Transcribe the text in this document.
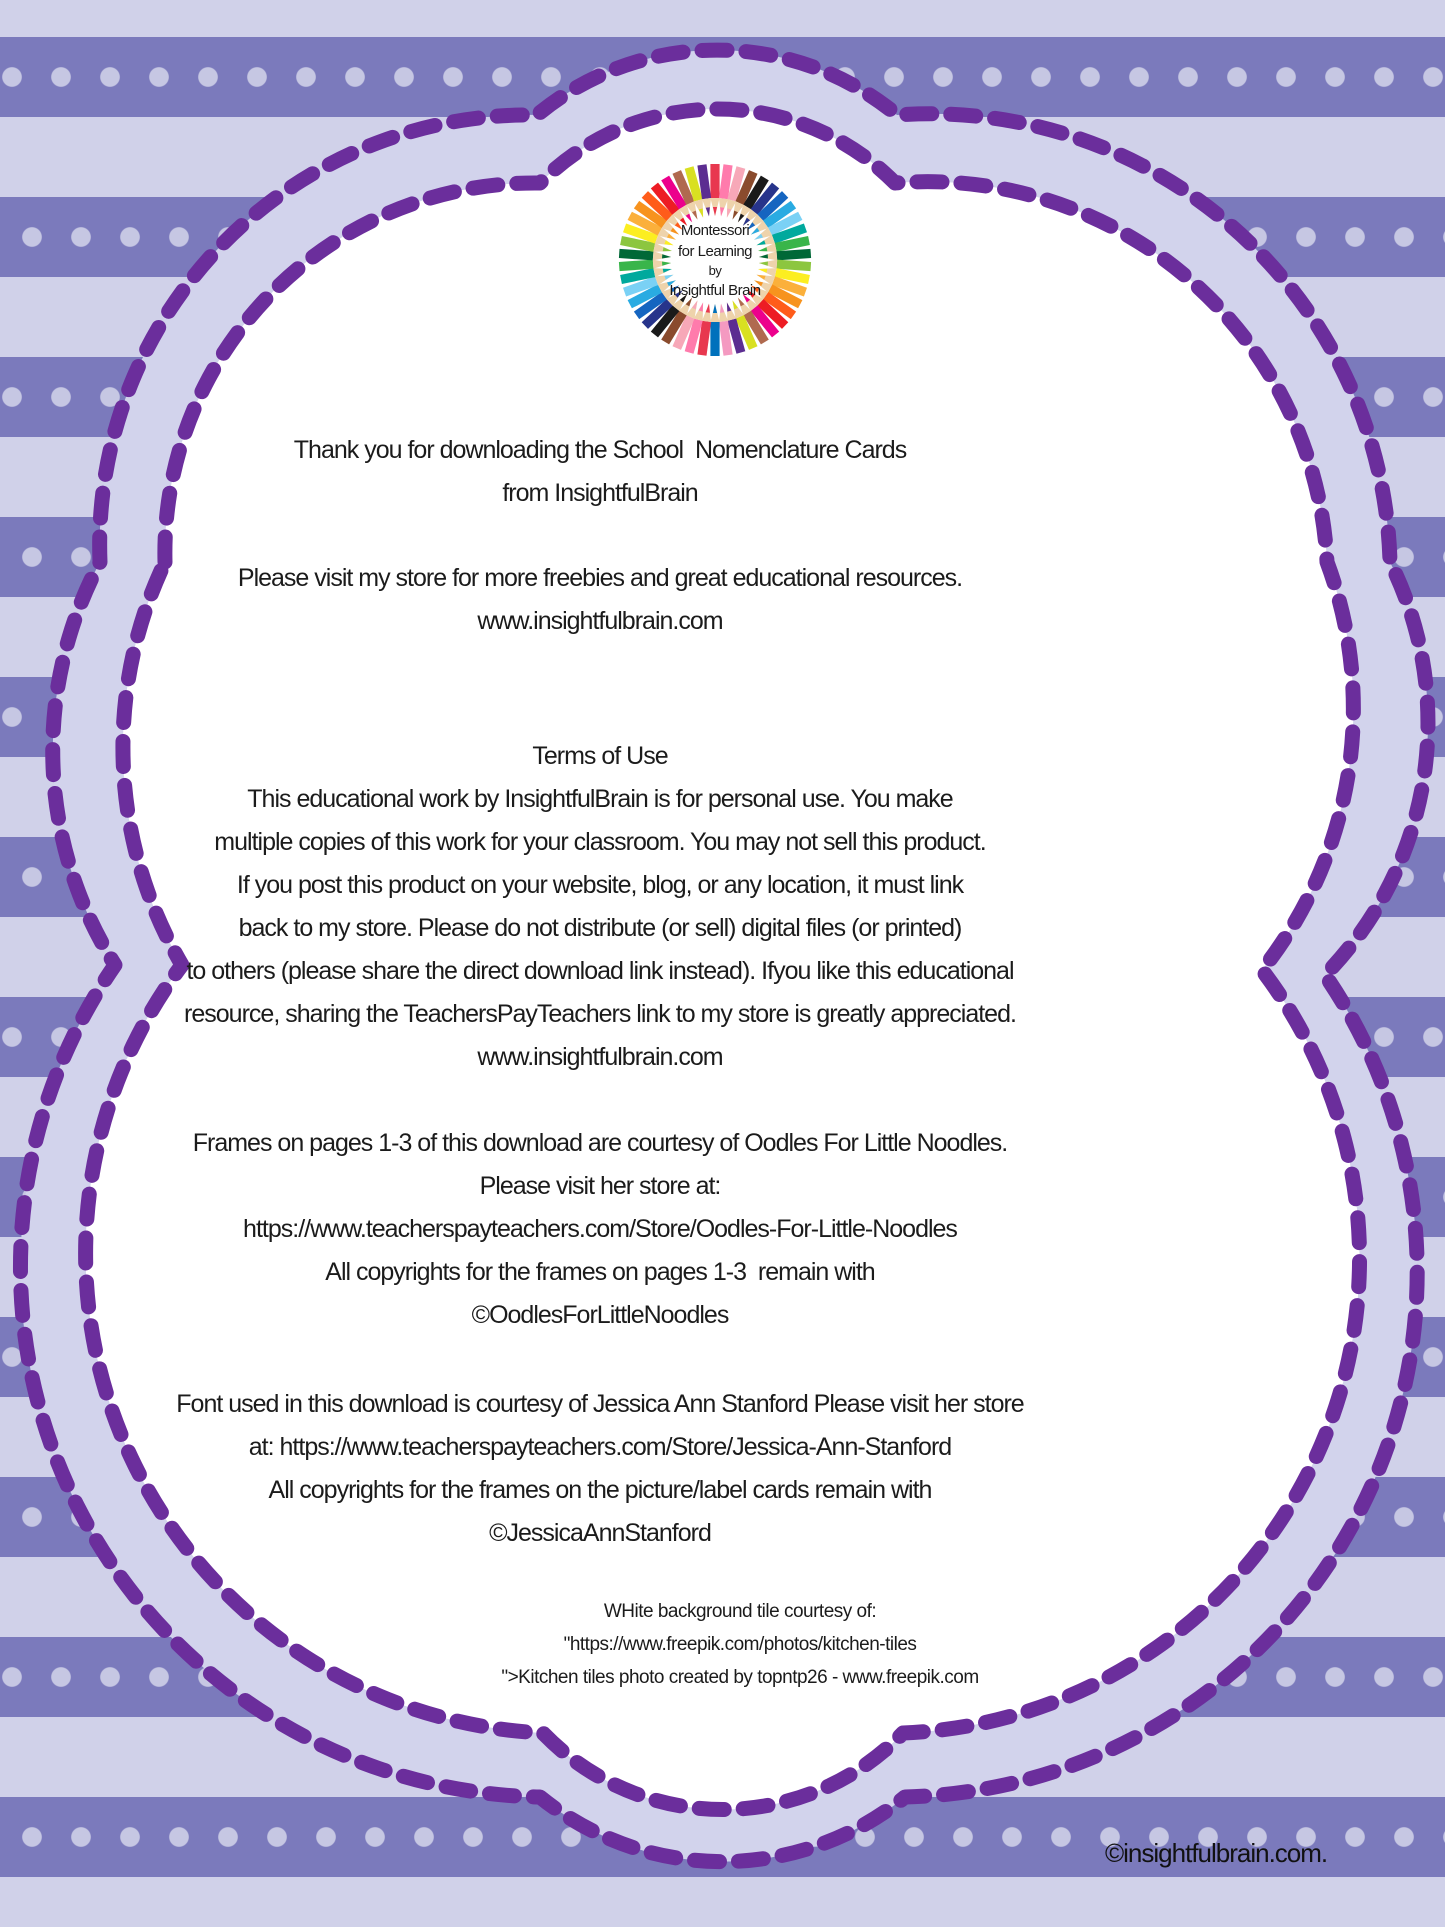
Montessori
for Learning
by
Insightful Brain
Thank you for downloading the School  Nomenclature Cards
from InsightfulBrain
Please visit my store for more freebies and great educational resources.
www.insightfulbrain.com
Terms of Use
This educational work by InsightfulBrain is for personal use. You make
multiple copies of this work for your classroom. You may not sell this product.
If you post this product on your website, blog, or any location, it must link
back to my store. Please do not distribute (or sell) digital files (or printed)
to others (please share the direct download link instead). Ifyou like this educational
resource, sharing the TeachersPayTeachers link to my store is greatly appreciated.
www.insightfulbrain.com
Frames on pages 1-3 of this download are courtesy of Oodles For Little Noodles.
Please visit her store at:
https://www.teacherspayteachers.com/Store/Oodles-For-Little-Noodles
All copyrights for the frames on pages 1-3  remain with
©OodlesForLittleNoodles
Font used in this download is courtesy of Jessica Ann Stanford Please visit her store
at: https://www.teacherspayteachers.com/Store/Jessica-Ann-Stanford
All copyrights for the frames on the picture/label cards remain with
©JessicaAnnStanford
WHite background tile courtesy of:
"https://www.freepik.com/photos/kitchen-tiles
">Kitchen tiles photo created by topntp26 - www.freepik.com
©insightfulbrain.com.
